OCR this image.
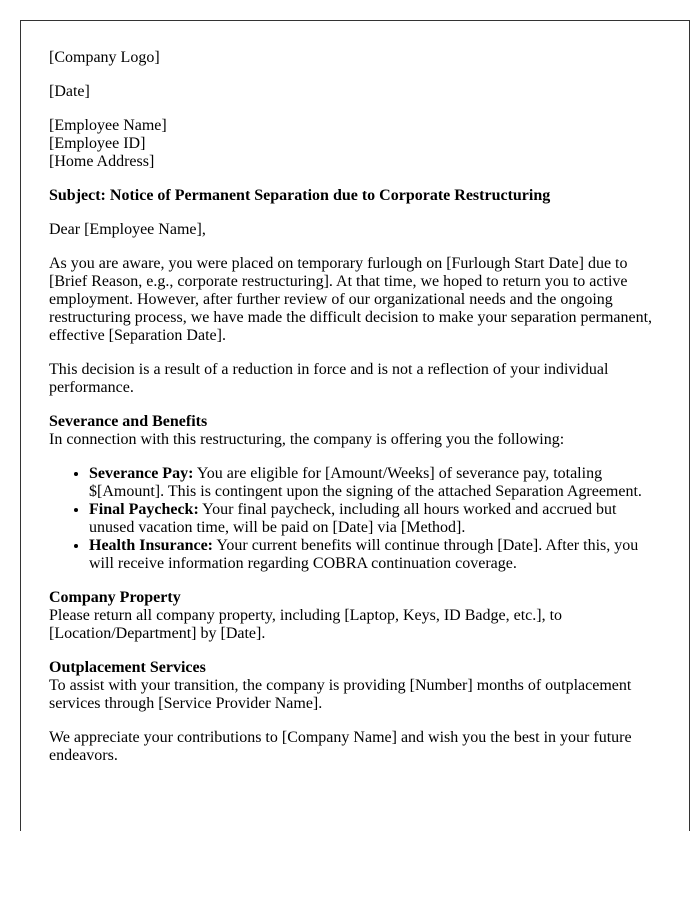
[Company Logo]

[Date]

[Employee Name]
[Employee ID]
[Home Address]

Subject: Notice of Permanent Separation due to Corporate Restructuring

Dear [Employee Name],

As you are aware, you were placed on temporary furlough on [Furlough Start Date] due to [Brief Reason, e.g., corporate restructuring]. At that time, we hoped to return you to active employment. However, after further review of our organizational needs and the ongoing restructuring process, we have made the difficult decision to make your separation permanent, effective [Separation Date].

This decision is a result of a reduction in force and is not a reflection of your individual performance.

Severance and Benefits
In connection with this restructuring, the company is offering you the following:
• Severance Pay: You are eligible for [Amount/Weeks] of severance pay, totaling $[Amount]. This is contingent upon the signing of the attached Separation Agreement.
• Final Paycheck: Your final paycheck, including all hours worked and accrued but unused vacation time, will be paid on [Date] via [Method].
• Health Insurance: Your current benefits will continue through [Date]. After this, you will receive information regarding COBRA continuation coverage.

Company Property
Please return all company property, including [Laptop, Keys, ID Badge, etc.], to [Location/Department] by [Date].

Outplacement Services
To assist with your transition, the company is providing [Number] months of outplacement services through [Service Provider Name].

We appreciate your contributions to [Company Name] and wish you the best in your future endeavors.
